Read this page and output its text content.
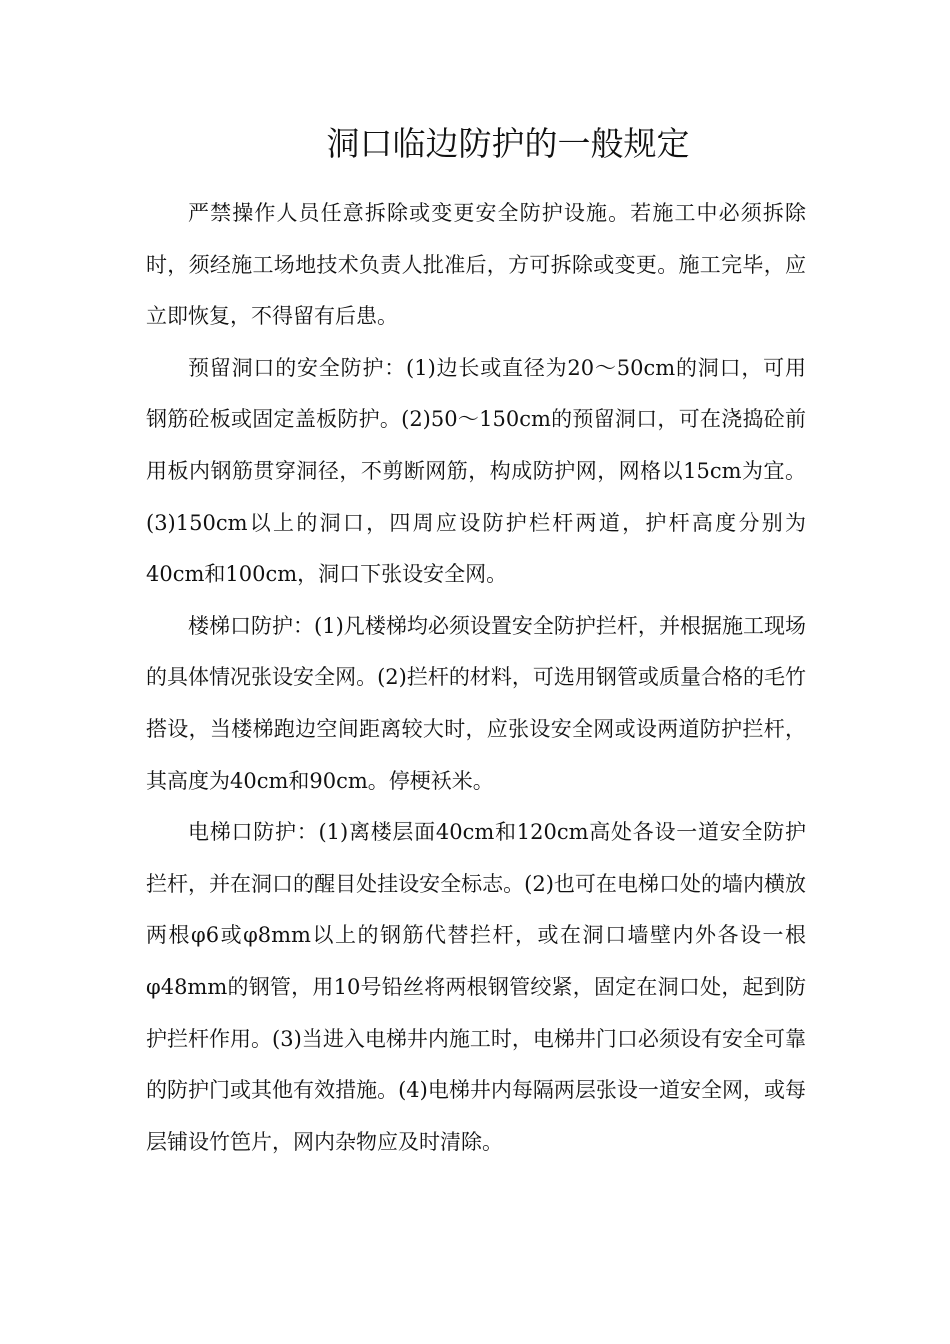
洞口临边防护的一般规定

严禁操作人员任意拆除或变更安全防护设施。若施工中必须拆除时，须经施工场地技术负责人批准后，方可拆除或变更。施工完毕，应立即恢复，不得留有后患。

预留洞口的安全防护：(1)边长或直径为20～50cm的洞口，可用钢筋砼板或固定盖板防护。(2)50～150cm的预留洞口，可在浇捣砼前用板内钢筋贯穿洞径，不剪断网筋，构成防护网，网格以15cm为宜。(3)150cm以上的洞口，四周应设防护栏杆两道，护杆高度分别为40cm和100cm，洞口下张设安全网。

楼梯口防护：(1)凡楼梯均必须设置安全防护拦杆，并根据施工现场的具体情况张设安全网。(2)拦杆的材料，可选用钢管或质量合格的毛竹搭设，当楼梯跑边空间距离较大时，应张设安全网或设两道防护拦杆，其高度为40cm和90cm。停梗袄米。

电梯口防护：(1)离楼层面40cm和120cm高处各设一道安全防护拦杆，并在洞口的醒目处挂设安全标志。(2)也可在电梯口处的墙内横放两根φ6或φ8mm以上的钢筋代替拦杆，或在洞口墙壁内外各设一根φ48mm的钢管，用10号铅丝将两根钢管绞紧，固定在洞口处，起到防护拦杆作用。(3)当进入电梯井内施工时，电梯井门口必须设有安全可靠的防护门或其他有效措施。(4)电梯井内每隔两层张设一道安全网，或每层铺设竹笆片，网内杂物应及时清除。
